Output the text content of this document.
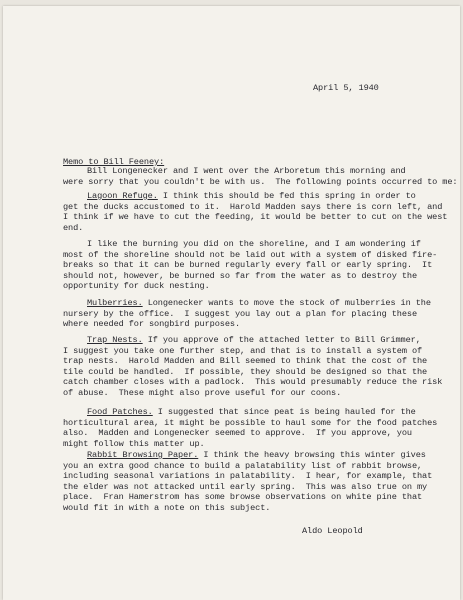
April 5, 1940
Memo to Bill Feeney:
Bill Longenecker and I went over the Arboretum this morning and
were sorry that you couldn't be with us.  The following points occurred to me:
Lagoon Refuge. I think this should be fed this spring in order to
get the ducks accustomed to it.  Harold Madden says there is corn left, and
I think if we have to cut the feeding, it would be better to cut on the west
end.
I like the burning you did on the shoreline, and I am wondering if
most of the shoreline should not be laid out with a system of disked fire-
breaks so that it can be burned regularly every fall or early spring.  It
should not, however, be burned so far from the water as to destroy the
opportunity for duck nesting.
Mulberries. Longenecker wants to move the stock of mulberries in the
nursery by the office.  I suggest you lay out a plan for placing these
where needed for songbird purposes.
Trap Nests. If you approve of the attached letter to Bill Grimmer,
I suggest you take one further step, and that is to install a system of
trap nests.  Harold Madden and Bill seemed to think that the cost of the
tile could be handled.  If possible, they should be designed so that the
catch chamber closes with a padlock.  This would presumably reduce the risk
of abuse.  These might also prove useful for our coons.
Food Patches. I suggested that since peat is being hauled for the
horticultural area, it might be possible to haul some for the food patches
also.  Madden and Longenecker seemed to approve.  If you approve, you
might follow this matter up.
Rabbit Browsing Paper. I think the heavy browsing this winter gives
you an extra good chance to build a palatability list of rabbit browse,
including seasonal variations in palatability.  I hear, for example, that
the elder was not attacked until early spring.  This was also true on my
place.  Fran Hamerstrom has some browse observations on white pine that
would fit in with a note on this subject.
Aldo Leopold
